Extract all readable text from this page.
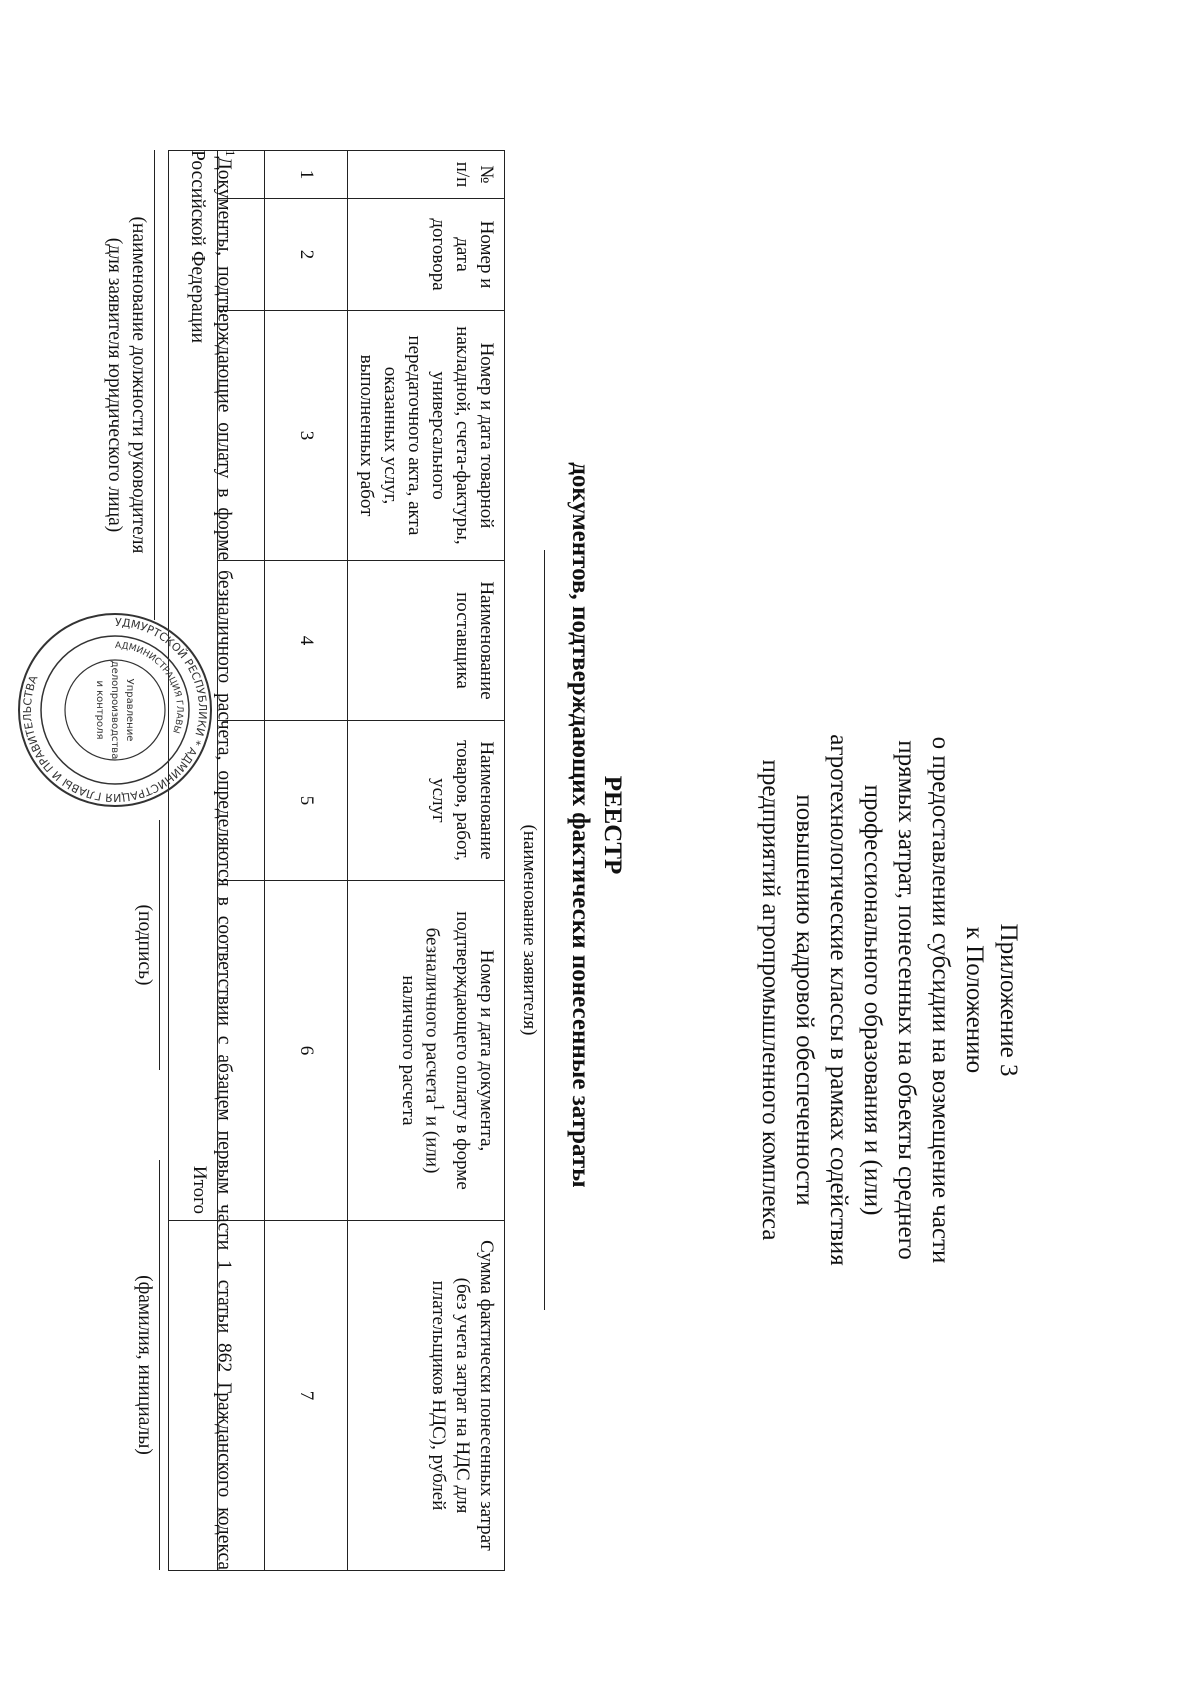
Приложение 3
к Положению
о предоставлении субсидии на возмещение части
прямых затрат, понесенных на объекты среднего
профессионального образования и (или)
агротехнологические классы в рамках содействия
повышению кадровой обеспеченности
предприятий агропромышленного комплекса
РЕЕСТР
документов, подтверждающих фактически понесенные затраты
(наименование заявителя)
№ п/п	Номер и дата договора	Номер и дата товарной накладной, счета-фактуры, универсального передаточного акта, акта оказанных услуг, выполненных работ	Наименование поставщика	Наименование товаров, работ, услуг	Номер и дата документа, подтверждающего оплату в форме безналичного расчета$^1$ и (или) наличного расчета	Сумма фактически понесенных затрат (без учета затрат на НДС для плательщиков НДС), рублей
1	2	3	4	5	6	7

Итого						
$^1$Документы, подтверждающие оплату в форме безналичного расчета, определяются в соответствии с абзацем первым части 1 статьи 862 Гражданского кодекса Российской Федерации
(наименование должности руководителя
(для заявителя юридического лица)
(подпись)
(фамилия, инициалы)
УДМУРТСКОЙ РЕСПУБЛИКИ * АДМИНИСТРАЦИЯ ГЛАВЫ И ПРАВИТЕЛЬСТВА
АДМИНИСТРАЦИЯ ГЛАВЫ
Управление
делопроизводства
и контроля
